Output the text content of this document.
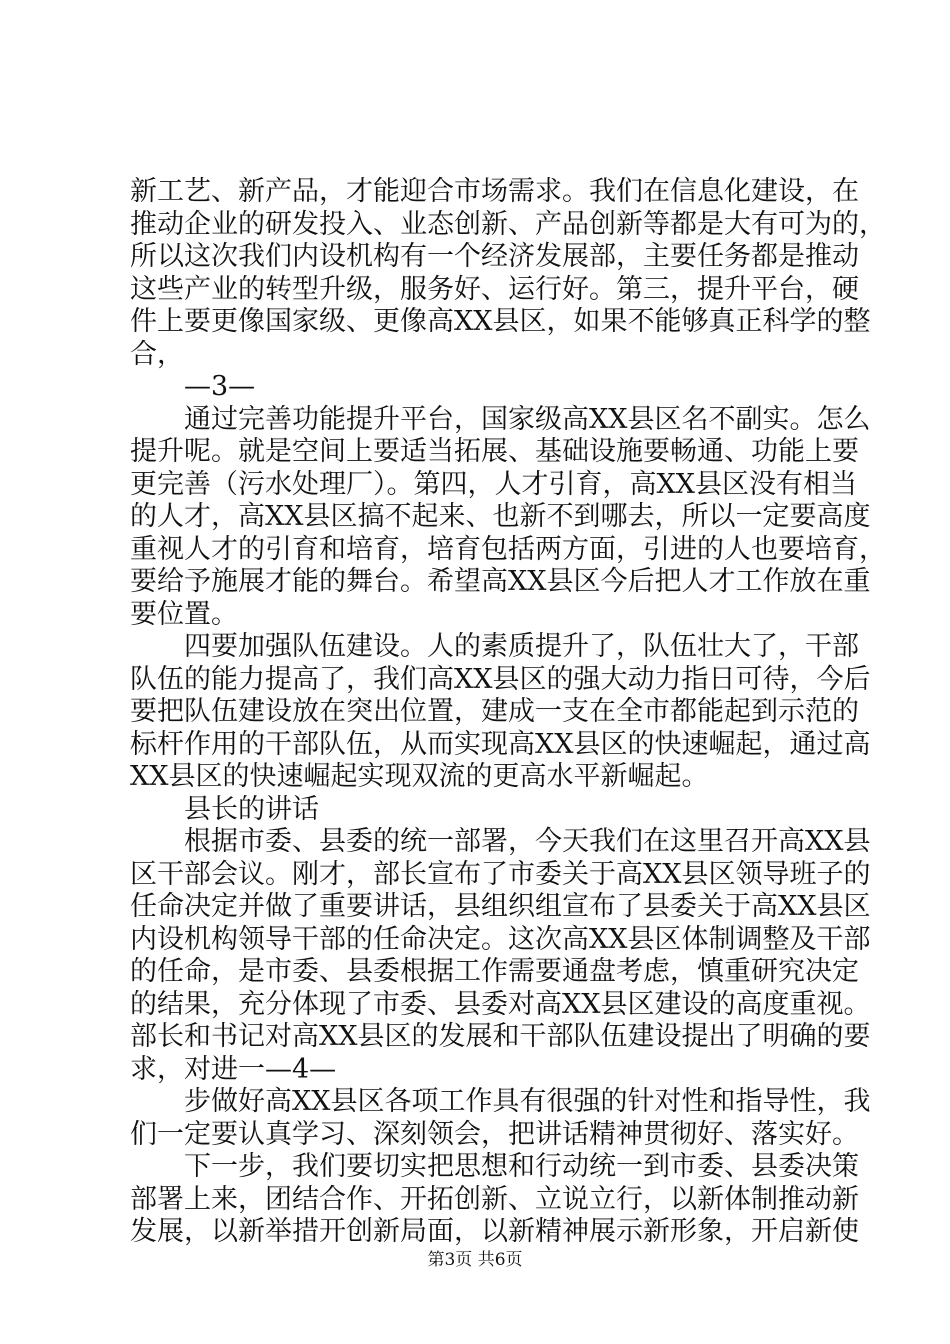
新工艺、新产品，才能迎合市场需求。我们在信息化建设，在
推动企业的研发投入、业态创新、产品创新等都是大有可为的，
所以这次我们内设机构有一个经济发展部，主要任务都是推动
这些产业的转型升级，服务好、运行好。第三，提升平台，硬
件上要更像国家级、更像高XX县区，如果不能够真正科学的整
合，
　　—3—
　　通过完善功能提升平台，国家级高XX县区名不副实。怎么
提升呢。就是空间上要适当拓展、基础设施要畅通、功能上要
更完善（污水处理厂）。第四，人才引育，高XX县区没有相当
的人才，高XX县区搞不起来、也新不到哪去，所以一定要高度
重视人才的引育和培育，培育包括两方面，引进的人也要培育，
要给予施展才能的舞台。希望高XX县区今后把人才工作放在重
要位置。
　　四要加强队伍建设。人的素质提升了，队伍壮大了，干部
队伍的能力提高了，我们高XX县区的强大动力指日可待，今后
要把队伍建设放在突出位置，建成一支在全市都能起到示范的
标杆作用的干部队伍，从而实现高XX县区的快速崛起，通过高
XX县区的快速崛起实现双流的更高水平新崛起。
　　县长的讲话
　　根据市委、县委的统一部署，今天我们在这里召开高XX县
区干部会议。刚才，部长宣布了市委关于高XX县区领导班子的
任命决定并做了重要讲话，县组织组宣布了县委关于高XX县区
内设机构领导干部的任命决定。这次高XX县区体制调整及干部
的任命，是市委、县委根据工作需要通盘考虑，慎重研究决定
的结果，充分体现了市委、县委对高XX县区建设的高度重视。
部长和书记对高XX县区的发展和干部队伍建设提出了明确的要
求，对进一—4—
　　步做好高XX县区各项工作具有很强的针对性和指导性，我
们一定要认真学习、深刻领会，把讲话精神贯彻好、落实好。
　　下一步，我们要切实把思想和行动统一到市委、县委决策
部署上来，团结合作、开拓创新、立说立行，以新体制推动新
发展，以新举措开创新局面，以新精神展示新形象，开启新使
第3页 共6页
